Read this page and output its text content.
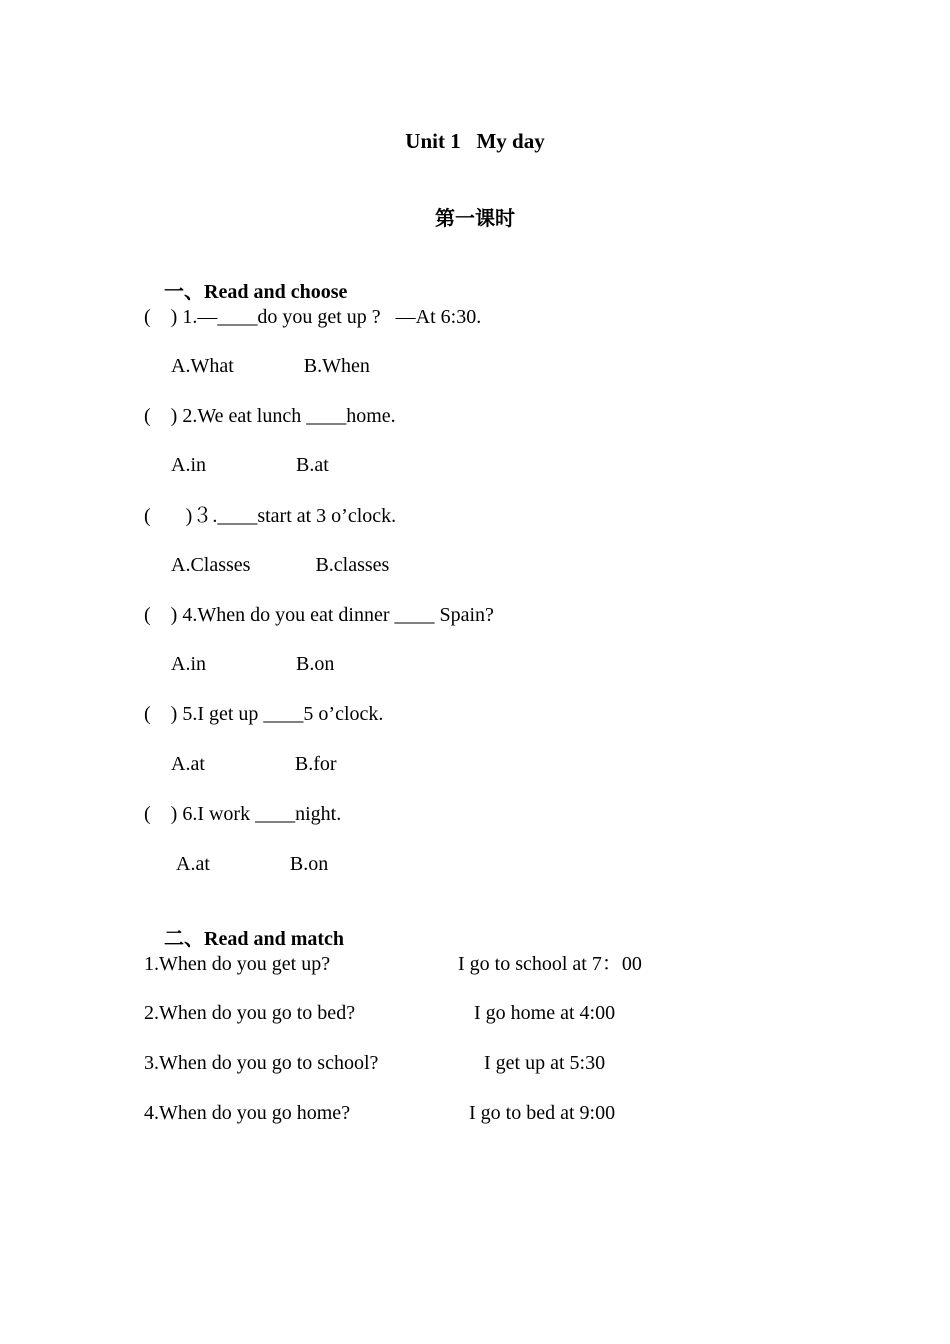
Unit 1   My day
第一课时

一、Read and choose

(    ) 1.—____do you get up ?   —At 6:30.
A.What              B.When
(    ) 2.We eat lunch ____home.
A.in                  B.at
(       )３.____start at 3 o’clock.
A.Classes             B.classes
(    ) 4.When do you eat dinner ____ Spain?
A.in                  B.on
(    ) 5.I get up ____5 o’clock.
A.at                  B.for
(    ) 6.I work ____night.
A.at                B.on

二、Read and match

1.When do you get up?	I go to school at 7：00
2.When do you go to bed?	I go home at 4:00
3.When do you go to school?	I get up at 5:30
4.When do you go home?	I go to bed at 9:00
